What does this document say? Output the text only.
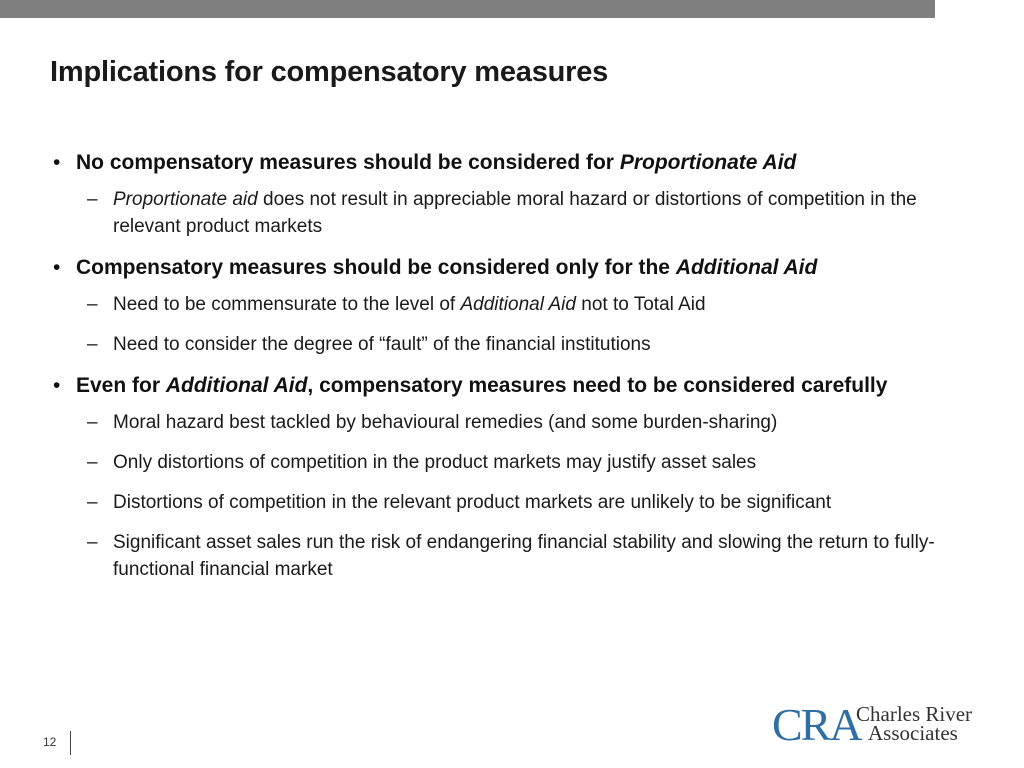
Implications for compensatory measures
• No compensatory measures should be considered for Proportionate Aid
– Proportionate aid does not result in appreciable moral hazard or distortions of competition in the relevant product markets
• Compensatory measures should be considered only for the Additional Aid
– Need to be commensurate to the level of Additional Aid not to Total Aid
– Need to consider the degree of “fault” of the financial institutions
• Even for Additional Aid, compensatory measures need to be considered carefully
– Moral hazard best tackled by behavioural remedies (and some burden-sharing)
– Only distortions of competition in the product markets may justify asset sales
– Distortions of competition in the relevant product markets are unlikely to be significant
– Significant asset sales run the risk of endangering financial stability and slowing the return to fully-functional financial market
12	CRA
Charles River
Associates
